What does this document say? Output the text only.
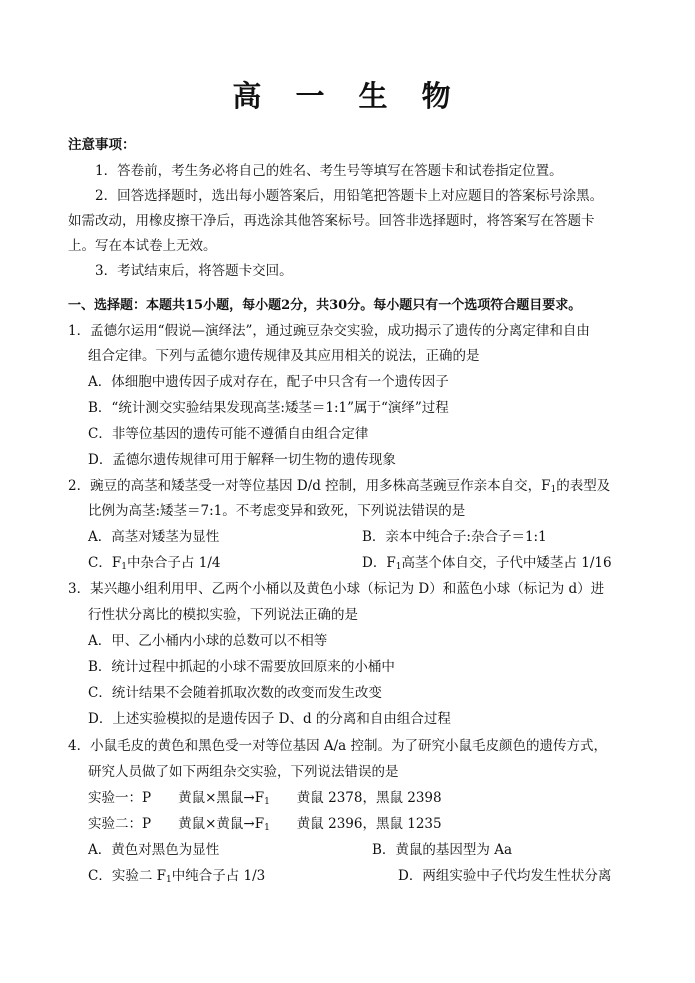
高 一 生 物
注意事项：
1．答卷前，考生务必将自己的姓名、考生号等填写在答题卡和试卷指定位置。
2．回答选择题时，选出每小题答案后，用铅笔把答题卡上对应题目的答案标号涂黑。
如需改动，用橡皮擦干净后，再选涂其他答案标号。回答非选择题时，将答案写在答题卡
上。写在本试卷上无效。
3．考试结束后，将答题卡交回。
一、选择题：本题共15小题，每小题2分，共30分。每小题只有一个选项符合题目要求。
1．孟德尔运用“假说—演绎法”，通过豌豆杂交实验，成功揭示了遗传的分离定律和自由
组合定律。下列与孟德尔遗传规律及其应用相关的说法，正确的是
A．体细胞中遗传因子成对存在，配子中只含有一个遗传因子
B．“统计测交实验结果发现高茎:矮茎＝1:1”属于“演绎”过程
C．非等位基因的遗传可能不遵循自由组合定律
D．孟德尔遗传规律可用于解释一切生物的遗传现象
2．豌豆的高茎和矮茎受一对等位基因 D/d 控制，用多株高茎豌豆作亲本自交，$F_1$的表型及
比例为高茎:矮茎＝7:1。不考虑变异和致死，下列说法错误的是
A．高茎对矮茎为显性	B．亲本中纯合子:杂合子＝1:1
C．$F_1$中杂合子占 1/4	D．$F_1$高茎个体自交，子代中矮茎占 1/16
3．某兴趣小组利用甲、乙两个小桶以及黄色小球（标记为 D）和蓝色小球（标记为 d）进
行性状分离比的模拟实验，下列说法正确的是
A．甲、乙小桶内小球的总数可以不相等
B．统计过程中抓起的小球不需要放回原来的小桶中
C．统计结果不会随着抓取次数的改变而发生改变
D．上述实验模拟的是遗传因子 D、d 的分离和自由组合过程
4．小鼠毛皮的黄色和黑色受一对等位基因 A/a 控制。为了研究小鼠毛皮颜色的遗传方式，
研究人员做了如下两组杂交实验，下列说法错误的是
实验一：P　　黄鼠×黑鼠$\to F_1$　　黄鼠 2378，黑鼠 2398
实验二：P　　黄鼠×黄鼠$\to F_1$　　黄鼠 2396，黑鼠 1235
A．黄色对黑色为显性	B．黄鼠的基因型为 Aa
C．实验二 $F_1$中纯合子占 1/3	D．两组实验中子代均发生性状分离
